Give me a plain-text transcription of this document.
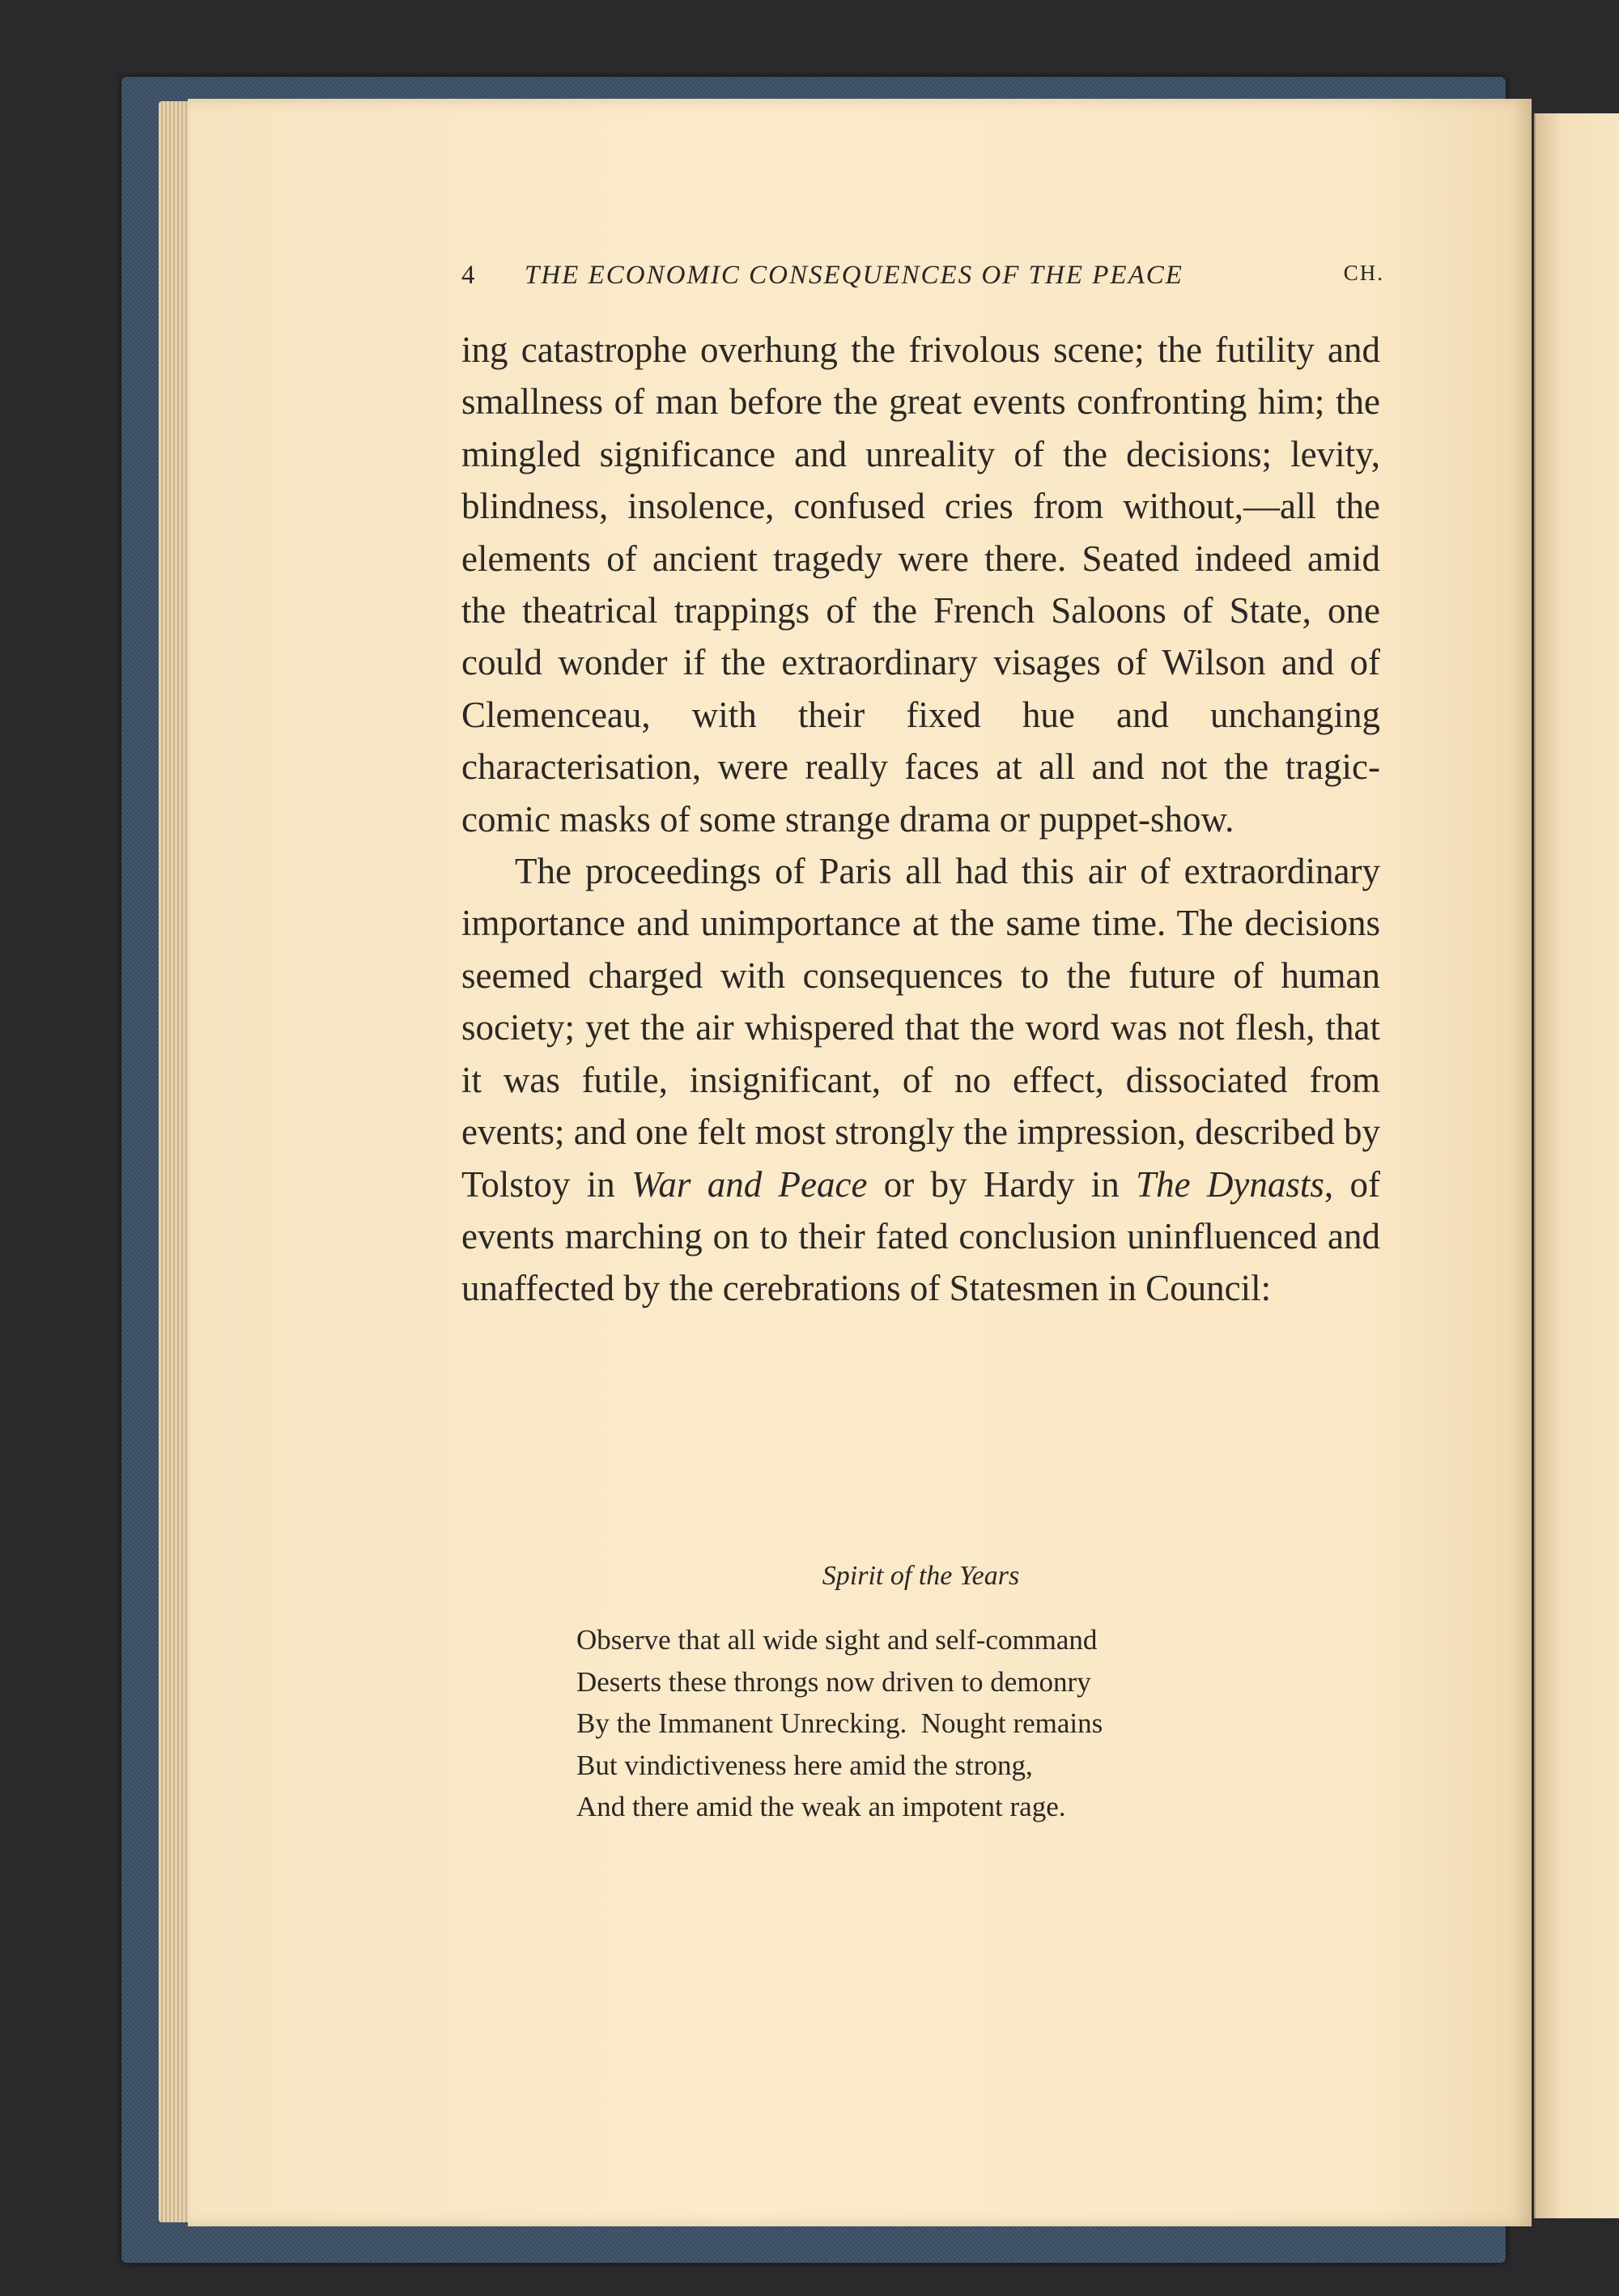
4 THE ECONOMIC CONSEQUENCES OF THE PEACE	CH.

ing catastrophe overhung the frivolous scene; the futility and smallness of man before the great events confronting him; the mingled significance and unreality of the decisions; levity, blindness, insolence, confused cries from without,—all the elements of ancient tragedy were there. Seated indeed amid the theatrical trappings of the French Saloons of State, one could wonder if the extraordinary visages of Wilson and of Clemenceau, with their fixed hue and unchanging characterisation, were really faces at all and not the tragic-comic masks of some strange drama or puppet-show.

The proceedings of Paris all had this air of extraordinary importance and unimportance at the same time. The decisions seemed charged with consequences to the future of human society; yet the air whispered that the word was not flesh, that it was futile, insignificant, of no effect, dissociated from events; and one felt most strongly the impression, described by Tolstoy in War and Peace or by Hardy in The Dynasts, of events marching on to their fated conclusion uninfluenced and unaffected by the cerebrations of Statesmen in Council:

Spirit of the Years
Observe that all wide sight and self-command
Deserts these throngs now driven to demonry
By the Immanent Unrecking.  Nought remains
But vindictiveness here amid the strong,
And there amid the weak an impotent rage.
